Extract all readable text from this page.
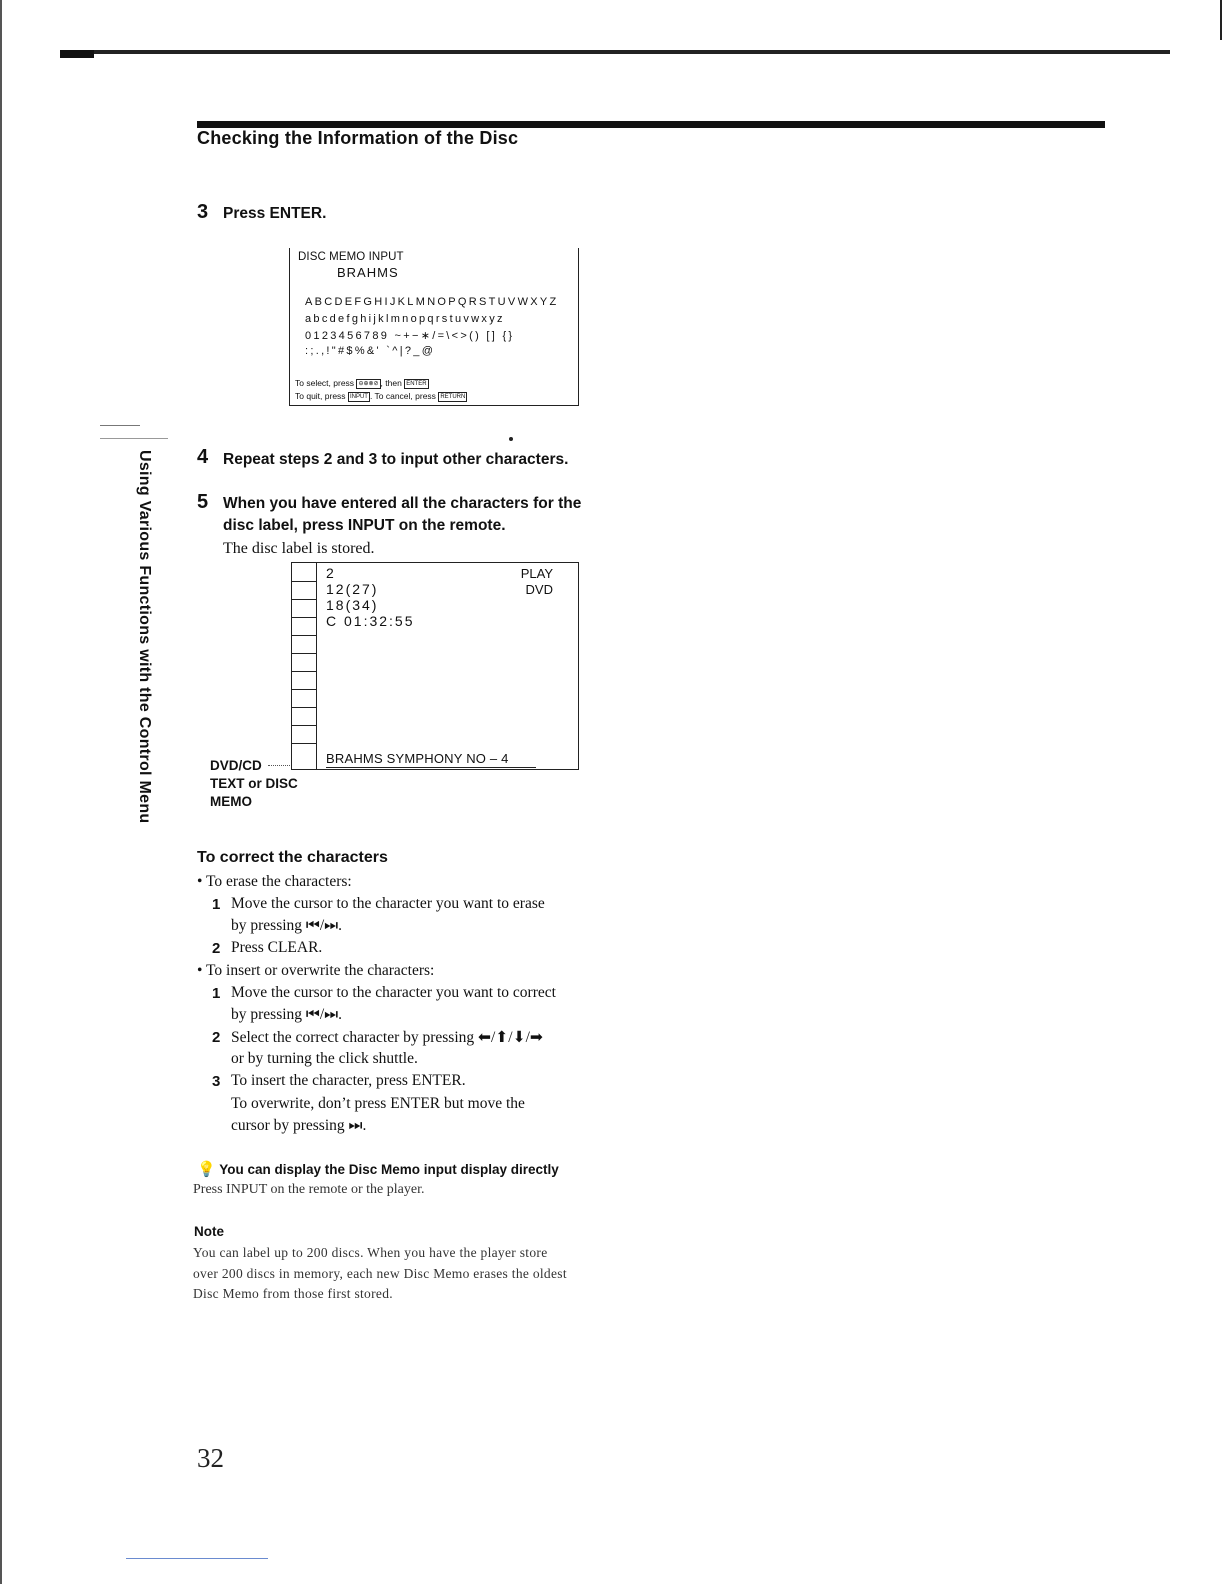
Checking the Information of the Disc
Using Various Functions with the Control Menu
3 Press ENTER.
DISC MEMO INPUT
BRAHMS
ABCDEFGHIJKLMNOPQRSTUVWXYZ
abcdefghijklmnopqrstuvwxyz
0123456789 ~+−∗/=\<>() [] {}
:;.,!"#$%&' `^|?_@
To select, press ⊖⊕⊗⊘ , then ENTER
To quit, press INPUT . To cancel, press RETURN
4 Repeat steps 2 and 3 to input other characters.
5 When you have entered all the characters for the
disc label, press INPUT on the remote.
The disc label is stored.
2
12(27)
18(34)
C 01:32:55
PLAY
DVD
BRAHMS SYMPHONY NO – 4
DVD/CD
TEXT or DISC
MEMO
To correct the characters
• To erase the characters:
1 Move the cursor to the character you want to erase
by pressing ⏮/⏭.
2 Press CLEAR.
• To insert or overwrite the characters:
1 Move the cursor to the character you want to correct
by pressing ⏮/⏭.
2 Select the correct character by pressing ⬅/⬆/⬇/➡
or by turning the click shuttle.
3 To insert the character, press ENTER.
To overwrite, don’t press ENTER but move the
cursor by pressing ⏭.
💡 You can display the Disc Memo input display directly
Press INPUT on the remote or the player.
Note
You can label up to 200 discs. When you have the player store
over 200 discs in memory, each new Disc Memo erases the oldest
Disc Memo from those first stored.
32
